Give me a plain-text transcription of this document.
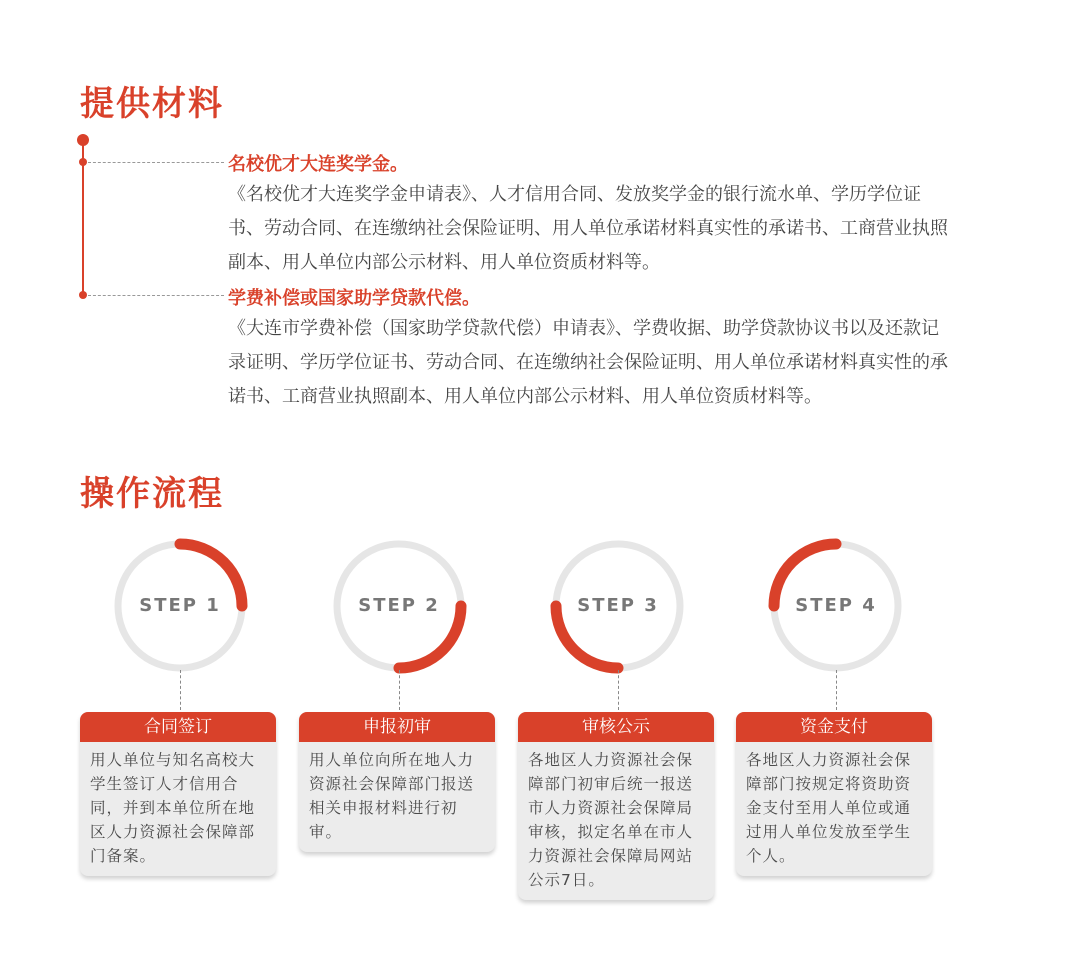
提供材料

名校优才大连奖学金。

《名校优才大连奖学金申请表》、人才信用合同、发放奖学金的银行流水单、学历学位证书、劳动合同、在连缴纳社会保险证明、用人单位承诺材料真实性的承诺书、工商营业执照副本、用人单位内部公示材料、用人单位资质材料等。

学费补偿或国家助学贷款代偿。

《大连市学费补偿（国家助学贷款代偿）申请表》、学费收据、助学贷款协议书以及还款记录证明、学历学位证书、劳动合同、在连缴纳社会保险证明、用人单位承诺材料真实性的承诺书、工商营业执照副本、用人单位内部公示材料、用人单位资质材料等。

操作流程
STEP 1
合同签订
用人单位与知名高校大学生签订人才信用合同，并到本单位所在地区人力资源社会保障部门备案。
STEP 2
申报初审
用人单位向所在地人力资源社会保障部门报送相关申报材料进行初审。
STEP 3
审核公示
各地区人力资源社会保障部门初审后统一报送市人力资源社会保障局审核，拟定名单在市人力资源社会保障局网站公示7日。
STEP 4
资金支付
各地区人力资源社会保障部门按规定将资助资金支付至用人单位或通过用人单位发放至学生个人。
